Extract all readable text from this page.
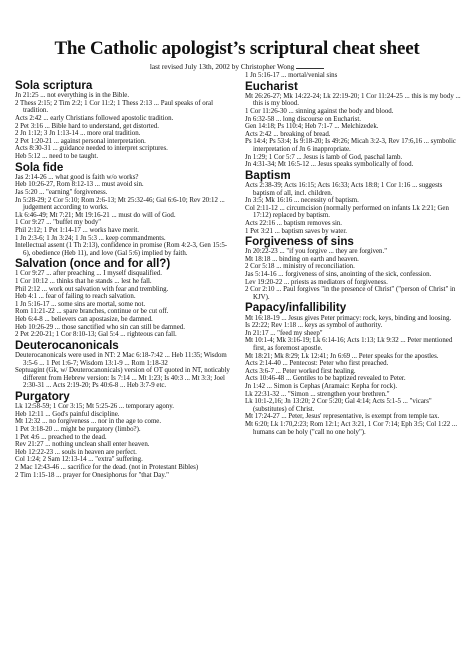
The Catholic apologist’s scriptural cheat sheet
last revised July 13th, 2002 by Christopher Wong
Sola scriptura
Jn 21:25 ... not everything is in the Bible.
2 Thess 2:15; 2 Tim 2:2; 1 Cor 11:2; 1 Thess 2:13 ... Paul speaks of oral tradition.
Acts 2:42 ... early Christians followed apostolic tradition.
2 Pet 3:16 ... Bible hard to understand, get distorted.
2 Jn 1:12; 3 Jn 1:13-14 ... more oral tradition.
2 Pet 1:20-21 ... against personal interpretation.
Acts 8:30-31 ... guidance needed to interpret scriptures.
Heb 5:12 ... need to be taught.
Sola fide
Jas 2:14-26 ... what good is faith w/o works?
Heb 10:26-27, Rom 8:12-13 ... must avoid sin.
Jas 5:20 ... "earning" forgiveness.
Jn 5:28-29; 2 Cor 5:10; Rom 2:6-13; Mt 25:32-46; Gal 6:6-10; Rev 20:12 ... judgement according to works.
Lk 6:46-49; Mt 7:21; Mt 19:16-21 ... must do will of God.
1 Cor 9:27 ... "buffet my body"
Phil 2:12; 1 Pet 1:14-17 ... works have merit.
1 Jn 2:3-6; 1 Jn 3:24; 1 Jn 5:3 ... keep commandments.
Intellectual assent (1 Th 2:13), confidence in promise (Rom 4:2-3, Gen 15:5-6), obedience (Heb 11), and love (Gal 5:6) implied by faith.
Salvation (once and for all?)
1 Cor 9:27 ... after preaching ... I myself disqualified.
1 Cor 10:12 ... thinks that he stands ... lest he fall.
Phil 2:12 ... work out salvation with fear and trembling.
Heb 4:1 ... fear of failing to reach salvation.
1 Jn 5:16-17 ... some sins are mortal, some not.
Rom 11:21-22 ... spare branches, continue or be cut off.
Heb 6:4-8 ... believers can apostasize, be damned.
Heb 10:26-29 ... those sanctified who sin can still be damned.
2 Pet 2:20-21; 1 Cor 8:10-13; Gal 5:4 ... righteous can fall.
Deuterocanonicals
Deuterocanonicals were used in NT: 2 Mac 6:18-7:42 ... Heb 11:35; Wisdom 3:5-6 ... 1 Pet 1:6-7; Wisdom 13:1-9 ... Rom 1:18-32
Septuagint (Gk, w/ Deuterocanonicals) version of OT quoted in NT, noticably different from Hebrew version: Is 7:14 ... Mt 1:23; Is 40:3 ... Mt 3:3; Joel 2:30-31 ... Acts 2:19-20; Ps 40:6-8 ... Heb 3:7-9 etc.
Purgatory
Lk 12:58-59; 1 Cor 3:15; Mt 5:25-26 ... temporary agony.
Heb 12:11 ... God's painful discipline.
Mt 12:32 ... no forgiveness ... nor in the age to come.
1 Pet 3:18-20 ... might be purgatory (limbo?).
1 Pet 4:6 ... preached to the dead.
Rev 21:27 ... nothing unclean shall enter heaven.
Heb 12:22-23 ... souls in heaven are perfect.
Col 1:24; 2 Sam 12:13-14 ... "extra" suffering.
2 Mac 12:43-46 ... sacrifice for the dead. (not in Protestant Bibles)
2 Tim 1:15-18 ... prayer for Onesiphorus for "that Day."
1 Jn 5:16-17 ... mortal/venial sins
Eucharist
Mt 26:26-27; Mk 14:22-24; Lk 22:19-20; 1 Cor 11:24-25 ... this is my body ... this is my blood.
1 Cor 11:26-30 ... sinning against the body and blood.
Jn 6:32-58 ... long discourse on Eucharist.
Gen 14:18; Ps 110:4; Heb 7:1-7 ... Melchizedek.
Acts 2:42 ... breaking of bread.
Ps 14:4; Ps 53:4; Is 9:18-20; Is 49:26; Micah 3:2-3, Rev 17:6,16 ... symbolic interpretation of Jn 6 inappropriate.
Jn 1:29; 1 Cor 5:7 ... Jesus is lamb of God, paschal lamb.
Jn 4:31-34; Mt 16:5-12 ... Jesus speaks symbolically of food.
Baptism
Acts 2:38-39; Acts 16:15; Acts 16:33; Acts 18:8; 1 Cor 1:16 ... suggests baptism of all, incl. children.
Jn 3:5; Mk 16:16 ... necessity of baptism.
Col 2:11-12 ... circumcision (normally performed on infants Lk 2:21; Gen 17:12) replaced by baptism.
Acts 22:16 ... baptism removes sin.
1 Pet 3:21 ... baptism saves by water.
Forgiveness of sins
Jn 20:22-23 ... "if you forgive ... they are forgiven."
Mt 18:18 ... binding on earth and heaven.
2 Cor 5:18 ... ministry of reconciliation.
Jas 5:14-16 ... forgiveness of sins, anointing of the sick, confession.
Lev 19:20-22 ... priests as mediators of forgiveness.
2 Cor 2:10 ... Paul forgives "in the presence of Christ" ("person of Christ" in KJV).
Papacy/infallibility
Mt 16:18-19 ... Jesus gives Peter primacy: rock, keys, binding and loosing.
Is 22:22; Rev 1:18 ... keys as symbol of authority.
Jn 21:17 ... "feed my sheep"
Mt 10:1-4; Mk 3:16-19; Lk 6:14-16; Acts 1:13; Lk 9:32 ... Peter mentioned first, as foremost apostle.
Mt 18:21; Mk 8:29; Lk 12:41; Jn 6:69 ... Peter speaks for the apostles.
Acts 2:14-40 ... Pentecost: Peter who first preached.
Acts 3:6-7 ... Peter worked first healing.
Acts 10:46-48 ... Gentiles to be baptized revealed to Peter.
Jn 1:42 ... Simon is Cephas (Aramaic: Kepha for rock).
Lk 22:31-32 ... "Simon ... strengthen your brethren."
Lk 10:1-2,16; Jn 13:20; 2 Cor 5:20; Gal 4:14; Acts 5:1-5 ... "vicars" (substitutes) of Christ.
Mt 17:24-27 ... Peter, Jesus' representative, is exempt from temple tax.
Mt 6:20; Lk 1:70,2:23; Rom 12:1; Act 3:21, 1 Cor 7:14; Eph 3:5; Col 1:22 ... humans can be holy ("call no one holy").
